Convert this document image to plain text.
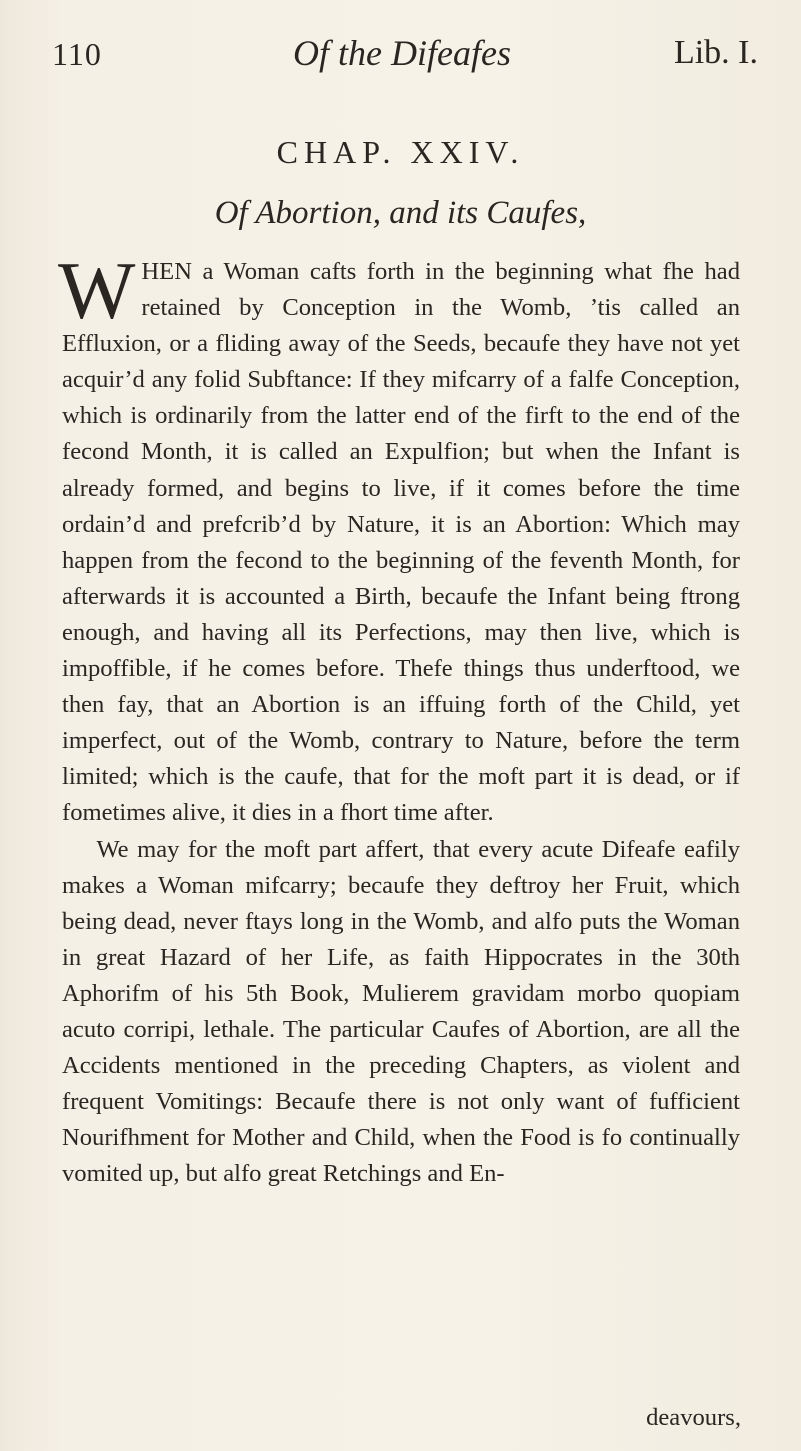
110	Of the Difeafes	Lib. I.
CHAP. XXIV.
Of Abortion, and its Caufes,

WHEN a Woman cafts forth in the beginning what fhe had retained by Conception in the Womb, ’tis called an Effluxion, or a fliding away of the Seeds, becaufe they have not yet acquir’d any folid Subftance: If they mifcarry of a falfe Conception, which is ordinarily from the latter end of the firft to the end of the fecond Month, it is called an Expulfion; but when the Infant is already formed, and begins to live, if it comes before the time ordain’d and prefcrib’d by Nature, it is an Abortion: Which may happen from the fecond to the beginning of the feventh Month, for afterwards it is accounted a Birth, becaufe the Infant being ftrong enough, and having all its Perfections, may then live, which is impoffible, if he comes before. Thefe things thus underftood, we then fay, that an Abortion is an iffuing forth of the Child, yet imperfect, out of the Womb, contrary to Nature, before the term limited; which is the caufe, that for the moft part it is dead, or if fometimes alive, it dies in a fhort time after.

We may for the moft part affert, that every acute Difeafe eafily makes a Woman mifcarry; becaufe they deftroy her Fruit, which being dead, never ftays long in the Womb, and alfo puts the Woman in great Hazard of her Life, as faith Hippocrates in the 30th Aphorifm of his 5th Book, Mulierem gravidam morbo quopiam acuto corripi, lethale. The particular Caufes of Abortion, are all the Accidents mentioned in the preceding Chapters, as violent and frequent Vomitings: Becaufe there is not only want of fufficient Nourifhment for Mother and Child, when the Food is fo continually vomited up, but alfo great Retchings and En-

deavours,
